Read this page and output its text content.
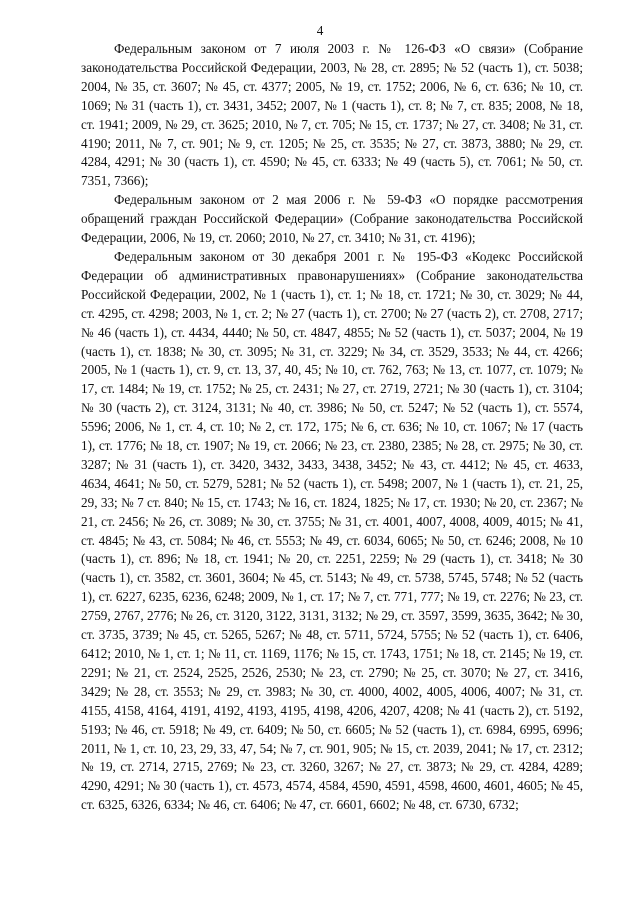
4

Федеральным законом от 7 июля 2003 г. № 126-ФЗ «О связи» (Собрание законодательства Российской Федерации, 2003, № 28, ст. 2895; № 52 (часть 1), ст. 5038; 2004, № 35, ст. 3607; № 45, ст. 4377; 2005, № 19, ст. 1752; 2006, № 6, ст. 636; № 10, ст. 1069; № 31 (часть 1), ст. 3431, 3452; 2007, № 1 (часть 1), ст. 8; № 7, ст. 835; 2008, № 18, ст. 1941; 2009, № 29, ст. 3625; 2010, № 7, ст. 705; № 15, ст. 1737; № 27, ст. 3408; № 31, ст. 4190; 2011, № 7, ст. 901; № 9, ст. 1205; № 25, ст. 3535; № 27, ст. 3873, 3880; № 29, ст. 4284, 4291; № 30 (часть 1), ст. 4590; № 45, ст. 6333; № 49 (часть 5), ст. 7061; № 50, ст. 7351, 7366);

Федеральным законом от 2 мая 2006 г. № 59-ФЗ «О порядке рассмотрения обращений граждан Российской Федерации» (Собрание законодательства Российской Федерации, 2006, № 19, ст. 2060; 2010, № 27, ст. 3410; № 31, ст. 4196);

Федеральным законом от 30 декабря 2001 г. № 195-ФЗ «Кодекс Российской Федерации об административных правонарушениях» (Собрание законодательства Российской Федерации, 2002, № 1 (часть 1), ст. 1; № 18, ст. 1721; № 30, ст. 3029; № 44, ст. 4295, ст. 4298; 2003, № 1, ст. 2; № 27 (часть 1), ст. 2700; № 27 (часть 2), ст. 2708, 2717; № 46 (часть 1), ст. 4434, 4440; № 50, ст. 4847, 4855; № 52 (часть 1), ст. 5037; 2004, № 19 (часть 1), ст. 1838; № 30, ст. 3095; № 31, ст. 3229; № 34, ст. 3529, 3533; № 44, ст. 4266; 2005, № 1 (часть 1), ст. 9, ст. 13, 37, 40, 45; № 10, ст. 762, 763; № 13, ст. 1077, ст. 1079; № 17, ст. 1484; № 19, ст. 1752; № 25, ст. 2431; № 27, ст. 2719, 2721; № 30 (часть 1), ст. 3104; № 30 (часть 2), ст. 3124, 3131; № 40, ст. 3986; № 50, ст. 5247; № 52 (часть 1), ст. 5574, 5596; 2006, № 1, ст. 4, ст. 10; № 2, ст. 172, 175; № 6, ст. 636; № 10, ст. 1067; № 17 (часть 1), ст. 1776; № 18, ст. 1907; № 19, ст. 2066; № 23, ст. 2380, 2385; № 28, ст. 2975; № 30, ст. 3287; № 31 (часть 1), ст. 3420, 3432, 3433, 3438, 3452; № 43, ст. 4412; № 45, ст. 4633, 4634, 4641; № 50, ст. 5279, 5281; № 52 (часть 1), ст. 5498; 2007, № 1 (часть 1), ст. 21, 25, 29, 33; № 7 ст. 840; № 15, ст. 1743; № 16, ст. 1824, 1825; № 17, ст. 1930; № 20, ст. 2367; № 21, ст. 2456; № 26, ст. 3089; № 30, ст. 3755; № 31, ст. 4001, 4007, 4008, 4009, 4015; № 41, ст. 4845; № 43, ст. 5084; № 46, ст. 5553; № 49, ст. 6034, 6065; № 50, ст. 6246; 2008, № 10 (часть 1), ст. 896; № 18, ст. 1941; № 20, ст. 2251, 2259; № 29 (часть 1), ст. 3418; № 30 (часть 1), ст. 3582, ст. 3601, 3604; № 45, ст. 5143; № 49, ст. 5738, 5745, 5748; № 52 (часть 1), ст. 6227, 6235, 6236, 6248; 2009, № 1, ст. 17; № 7, ст. 771, 777; № 19, ст. 2276; № 23, ст. 2759, 2767, 2776; № 26, ст. 3120, 3122, 3131, 3132; № 29, ст. 3597, 3599, 3635, 3642; № 30, ст. 3735, 3739; № 45, ст. 5265, 5267; № 48, ст. 5711, 5724, 5755; № 52 (часть 1), ст. 6406, 6412; 2010, № 1, ст. 1; № 11, ст. 1169, 1176; № 15, ст. 1743, 1751; № 18, ст. 2145; № 19, ст. 2291; № 21, ст. 2524, 2525, 2526, 2530; № 23, ст. 2790; № 25, ст. 3070; № 27, ст. 3416, 3429; № 28, ст. 3553; № 29, ст. 3983; № 30, ст. 4000, 4002, 4005, 4006, 4007; № 31, ст. 4155, 4158, 4164, 4191, 4192, 4193, 4195, 4198, 4206, 4207, 4208; № 41 (часть 2), ст. 5192, 5193; № 46, ст. 5918; № 49, ст. 6409; № 50, ст. 6605; № 52 (часть 1), ст. 6984, 6995, 6996; 2011, № 1, ст. 10, 23, 29, 33, 47, 54; № 7, ст. 901, 905; № 15, ст. 2039, 2041; № 17, ст. 2312; № 19, ст. 2714, 2715, 2769; № 23, ст. 3260, 3267; № 27, ст. 3873; № 29, ст. 4284, 4289; 4290, 4291; № 30 (часть 1), ст. 4573, 4574, 4584, 4590, 4591, 4598, 4600, 4601, 4605; № 45, ст. 6325, 6326, 6334; № 46, ст. 6406; № 47, ст. 6601, 6602; № 48, ст. 6730, 6732;
